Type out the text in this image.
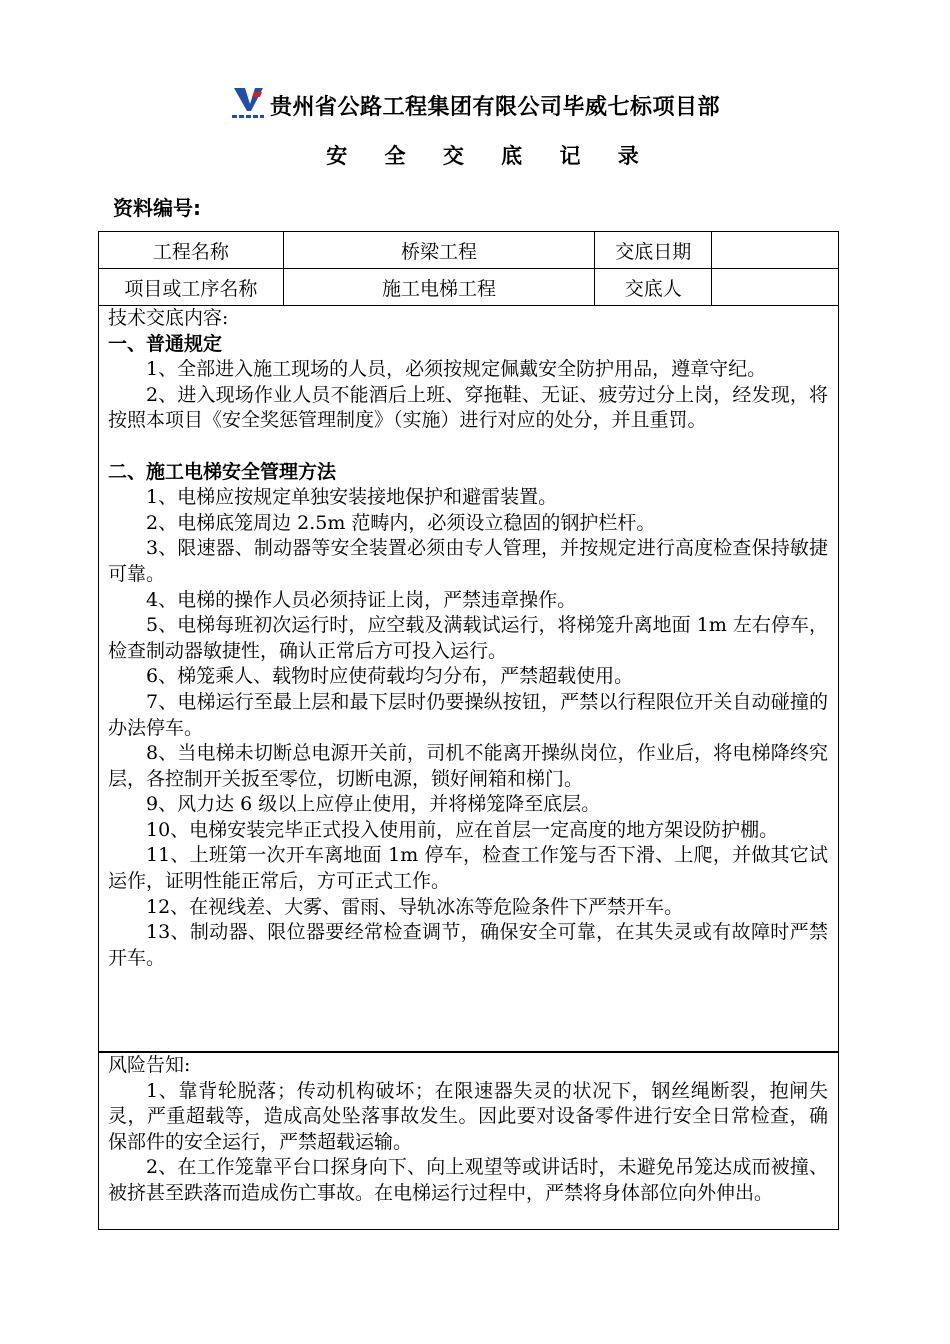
贵州省公路工程集团有限公司毕威七标项目部
安 全 交 底 记 录
资料编号:
工程名称	桥梁工程	交底日期	
项目或工序名称	施工电梯工程	交底人	

技术交底内容:

一、普通规定

1、全部进入施工现场的人员，必须按规定佩戴安全防护用品，遵章守纪。

2、进入现场作业人员不能酒后上班、穿拖鞋、无证、疲劳过分上岗，经发现，将按照本项目《安全奖惩管理制度》（实施）进行对应的处分，并且重罚。

二、施工电梯安全管理方法

1、电梯应按规定单独安装接地保护和避雷装置。

2、电梯底笼周边 2.5m 范畴内，必须设立稳固的钢护栏杆。

3、限速器、制动器等安全装置必须由专人管理，并按规定进行高度检查保持敏捷可靠。

4、电梯的操作人员必须持证上岗，严禁违章操作。

5、电梯每班初次运行时，应空载及满载试运行，将梯笼升离地面 1m 左右停车，检查制动器敏捷性，确认正常后方可投入运行。

6、梯笼乘人、载物时应使荷载均匀分布，严禁超载使用。

7、电梯运行至最上层和最下层时仍要操纵按钮，严禁以行程限位开关自动碰撞的办法停车。

8、当电梯未切断总电源开关前，司机不能离开操纵岗位，作业后，将电梯降终究层，各控制开关扳至零位，切断电源，锁好闸箱和梯门。

9、风力达 6 级以上应停止使用，并将梯笼降至底层。

10、电梯安装完毕正式投入使用前，应在首层一定高度的地方架设防护棚。

11、上班第一次开车离地面 1m 停车，检查工作笼与否下滑、上爬，并做其它试运作，证明性能正常后，方可正式工作。

12、在视线差、大雾、雷雨、导轨冰冻等危险条件下严禁开车。

13、制动器、限位器要经常检查调节，确保安全可靠，在其失灵或有故障时严禁开车。

风险告知:

1、靠背轮脱落；传动机构破坏；在限速器失灵的状况下，钢丝绳断裂，抱闸失灵，严重超载等，造成高处坠落事故发生。因此要对设备零件进行安全日常检查，确保部件的安全运行，严禁超载运输。

2、在工作笼靠平台口探身向下、向上观望等或讲话时，未避免吊笼达成而被撞、被挤甚至跌落而造成伤亡事故。在电梯运行过程中，严禁将身体部位向外伸出。
